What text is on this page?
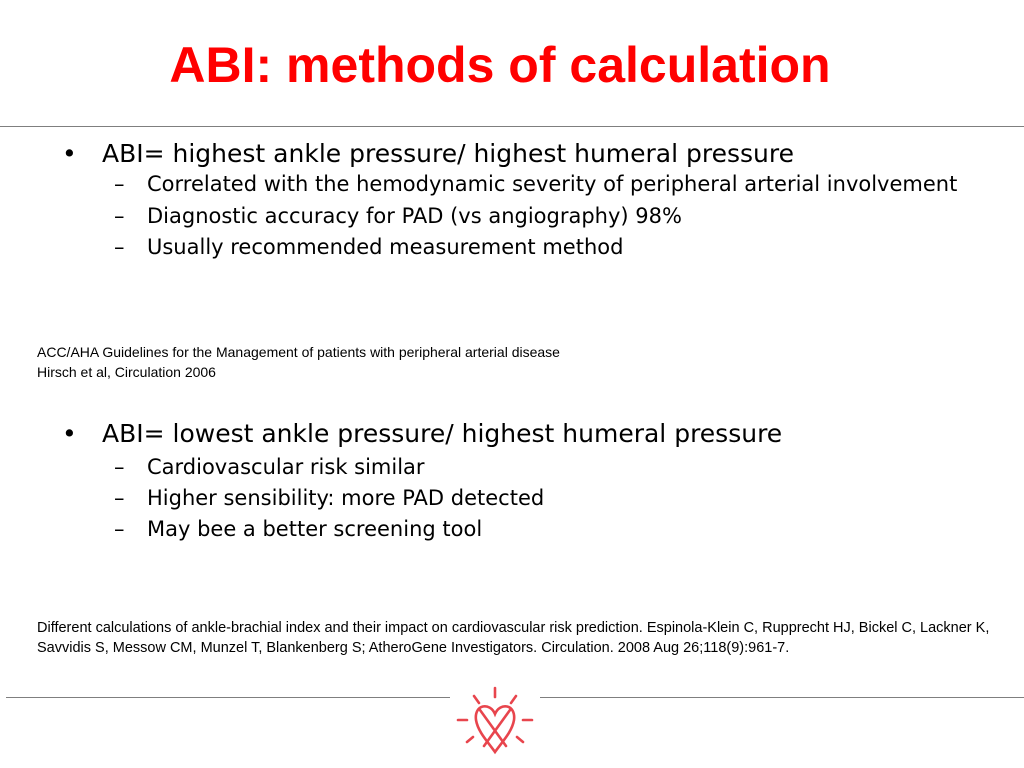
ABI: methods of calculation
• ABI= highest ankle pressure/ highest humeral pressure
– Correlated with the hemodynamic severity of peripheral arterial involvement
– Diagnostic accuracy for PAD (vs angiography) 98%
– Usually recommended measurement method
ACC/AHA Guidelines for the Management of patients with peripheral arterial disease
Hirsch et al, Circulation 2006
• ABI= lowest ankle pressure/ highest humeral pressure
– Cardiovascular risk similar
– Higher sensibility: more PAD detected
– May bee a better screening tool
Different calculations of ankle-brachial index and their impact on cardiovascular risk prediction. Espinola-Klein C, Rupprecht HJ, Bickel C, Lackner K, Savvidis S, Messow CM, Munzel T, Blankenberg S; AtheroGene Investigators. Circulation. 2008 Aug 26;118(9):961-7.
